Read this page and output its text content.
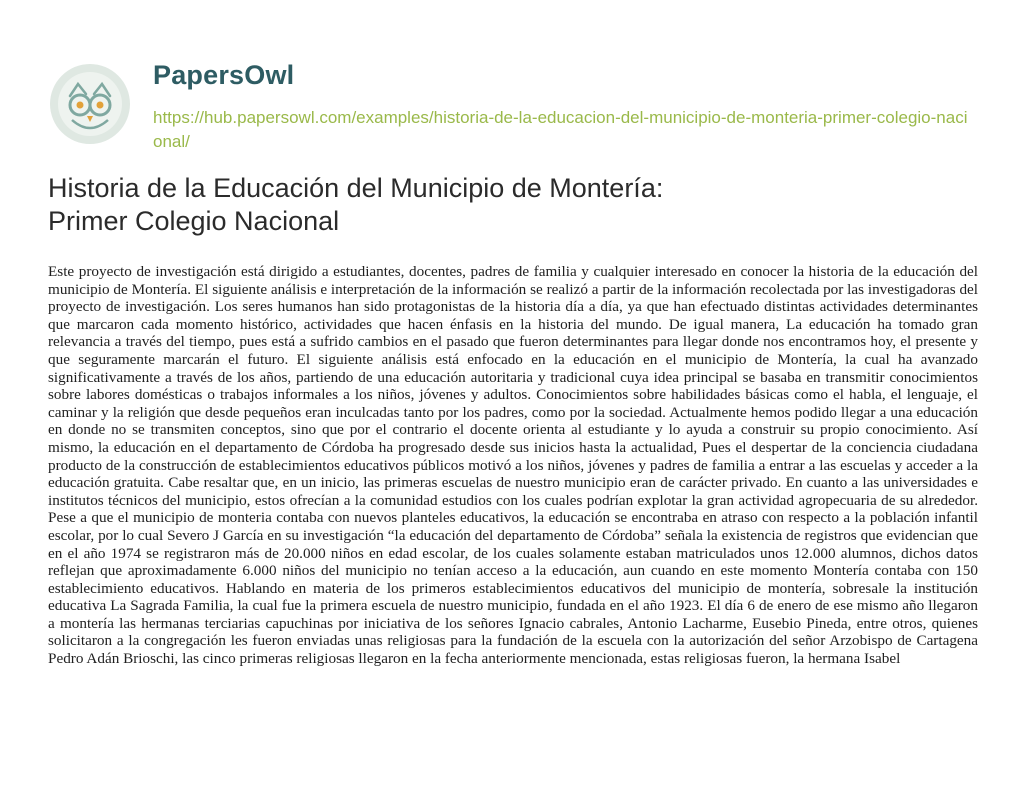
PapersOwl
https://hub.papersowl.com/examples/historia-de-la-educacion-del-municipio-de-monteria-primer-colegio-nacional/
Historia de la Educación del Municipio de Montería:
Primer Colegio Nacional

Este proyecto de investigación está dirigido a estudiantes, docentes, padres de familia y cualquier interesado en conocer la historia de la educación del municipio de Montería. El siguiente análisis e interpretación de la información se realizó a partir de la información recolectada por las investigadoras del proyecto de investigación. Los seres humanos han sido protagonistas de la historia día a día, ya que han efectuado distintas actividades determinantes que marcaron cada momento histórico, actividades que hacen énfasis en la historia del mundo. De igual manera, La educación ha tomado gran relevancia a través del tiempo, pues está a sufrido cambios en el pasado que fueron determinantes para llegar donde nos encontramos hoy, el presente y que seguramente marcarán el futuro. El siguiente análisis está enfocado en la educación en el municipio de Montería, la cual ha avanzado significativamente a través de los años, partiendo de una educación autoritaria y tradicional cuya idea principal se basaba en transmitir conocimientos sobre labores domésticas o trabajos informales a los niños, jóvenes y adultos. Conocimientos sobre habilidades básicas como el habla, el lenguaje, el caminar y la religión que desde pequeños eran inculcadas tanto por los padres, como por la sociedad. Actualmente hemos podido llegar a una educación en donde no se transmiten conceptos, sino que por el contrario el docente orienta al estudiante y lo ayuda a construir su propio conocimiento. Así mismo, la educación en el departamento de Córdoba ha progresado desde sus inicios hasta la actualidad, Pues el despertar de la conciencia ciudadana producto de la construcción de establecimientos educativos públicos motivó a los niños, jóvenes y padres de familia a entrar a las escuelas y acceder a la educación gratuita. Cabe resaltar que, en un inicio, las primeras escuelas de nuestro municipio eran de carácter privado. En cuanto a las universidades e institutos técnicos del municipio, estos ofrecían a la comunidad estudios con los cuales podrían explotar la gran actividad agropecuaria de su alrededor. Pese a que el municipio de monteria contaba con nuevos planteles educativos, la educación se encontraba en atraso con respecto a la población infantil escolar, por lo cual Severo J García en su investigación “la educación del departamento de Córdoba” señala la existencia de registros que evidencian que en el año 1974 se registraron más de 20.000 niños en edad escolar, de los cuales solamente estaban matriculados unos 12.000 alumnos, dichos datos reflejan que aproximadamente 6.000 niños del municipio no tenían acceso a la educación, aun cuando en este momento Montería contaba con 150 establecimiento educativos. Hablando en materia de los primeros establecimientos educativos del municipio de montería, sobresale la institución educativa La Sagrada Familia, la cual fue la primera escuela de nuestro municipio, fundada en el año 1923. El día 6 de enero de ese mismo año llegaron a montería las hermanas terciarias capuchinas por iniciativa de los señores Ignacio cabrales, Antonio Lacharme, Eusebio Pineda, entre otros, quienes solicitaron a la congregación les fueron enviadas unas religiosas para la fundación de la escuela con la autorización del señor Arzobispo de Cartagena Pedro Adán Brioschi, las cinco primeras religiosas llegaron en la fecha anteriormente mencionada, estas religiosas fueron, la hermana Isabel
